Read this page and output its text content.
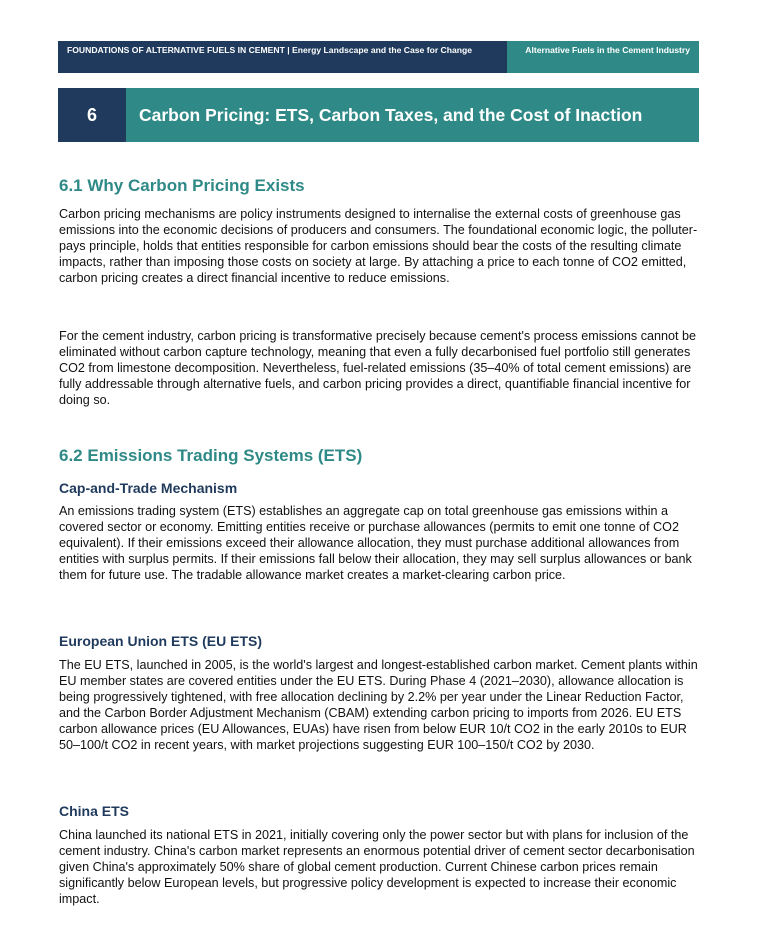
FOUNDATIONS OF ALTERNATIVE FUELS IN CEMENT | Energy Landscape and the Case for Change	Alternative Fuels in the Cement Industry
6	Carbon Pricing: ETS, Carbon Taxes, and the Cost of Inaction
6.1 Why Carbon Pricing Exists

Carbon pricing mechanisms are policy instruments designed to internalise the external costs of greenhouse gas emissions into the economic decisions of producers and consumers. The foundational economic logic, the polluter-pays principle, holds that entities responsible for carbon emissions should bear the costs of the resulting climate impacts, rather than imposing those costs on society at large. By attaching a price to each tonne of CO2 emitted, carbon pricing creates a direct financial incentive to reduce emissions.

For the cement industry, carbon pricing is transformative precisely because cement's process emissions cannot be eliminated without carbon capture technology, meaning that even a fully decarbonised fuel portfolio still generates CO2 from limestone decomposition. Nevertheless, fuel-related emissions (35–40% of total cement emissions) are fully addressable through alternative fuels, and carbon pricing provides a direct, quantifiable financial incentive for doing so.

6.2 Emissions Trading Systems (ETS)
Cap-and-Trade Mechanism

An emissions trading system (ETS) establishes an aggregate cap on total greenhouse gas emissions within a covered sector or economy. Emitting entities receive or purchase allowances (permits to emit one tonne of CO2 equivalent). If their emissions exceed their allowance allocation, they must purchase additional allowances from entities with surplus permits. If their emissions fall below their allocation, they may sell surplus allowances or bank them for future use. The tradable allowance market creates a market-clearing carbon price.

European Union ETS (EU ETS)

The EU ETS, launched in 2005, is the world's largest and longest-established carbon market. Cement plants within EU member states are covered entities under the EU ETS. During Phase 4 (2021–2030), allowance allocation is being progressively tightened, with free allocation declining by 2.2% per year under the Linear Reduction Factor, and the Carbon Border Adjustment Mechanism (CBAM) extending carbon pricing to imports from 2026. EU ETS carbon allowance prices (EU Allowances, EUAs) have risen from below EUR 10/t CO2 in the early 2010s to EUR 50–100/t CO2 in recent years, with market projections suggesting EUR 100–150/t CO2 by 2030.

China ETS

China launched its national ETS in 2021, initially covering only the power sector but with plans for inclusion of the cement industry. China's carbon market represents an enormous potential driver of cement sector decarbonisation given China's approximately 50% share of global cement production. Current Chinese carbon prices remain significantly below European levels, but progressive policy development is expected to increase their economic impact.
